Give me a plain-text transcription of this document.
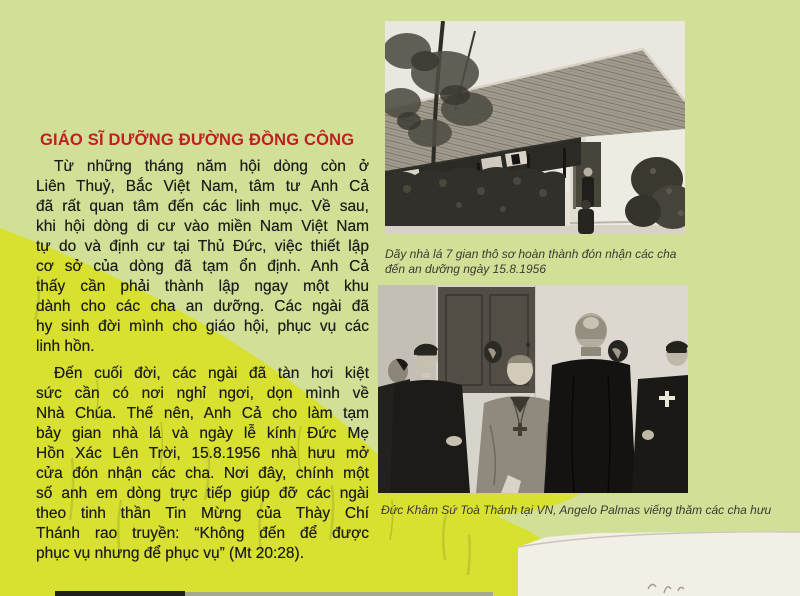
GIÁO SĨ DƯỠNG ĐƯỜNG ĐỒNG CÔNG
Từ những tháng năm hội dòng còn ở
Liên Thuỷ, Bắc Việt Nam, tâm tư Anh Cả
đã rất quan tâm đến các linh mục. Về sau,
khi hội dòng di cư vào miền Nam Việt Nam
tự do và định cư tại Thủ Đức, việc thiết lập
cơ sở của dòng đã tạm ổn định. Anh Cả
thấy cần phải thành lập ngay một khu
dành cho các cha an dưỡng. Các ngài đã
hy sinh đời mình cho giáo hội, phục vụ các
linh hồn.
Đến cuối đời, các ngài đã tàn hơi kiệt
sức cần có nơi nghỉ ngơi, dọn mình về
Nhà Chúa. Thế nên, Anh Cả cho làm tạm
bảy gian nhà lá và ngày lễ kính Đức Mẹ
Hồn Xác Lên Trời, 15.8.1956 nhà hưu mở
cửa đón nhận các cha. Nơi đây, chính một
số anh em dòng trực tiếp giúp đỡ các ngài
theo tinh thần Tin Mừng của Thày Chí
Thánh rao truyền: “Không đến để được
phục vụ nhưng để phục vụ” (Mt 20:28).
Dãy nhà lá 7 gian thô sơ hoàn thành đón nhận các cha
đến an dưỡng ngày 15.8.1956
Đức Khâm Sứ Toà Thánh tại VN, Angelo Palmas viếng thăm các cha hưu
